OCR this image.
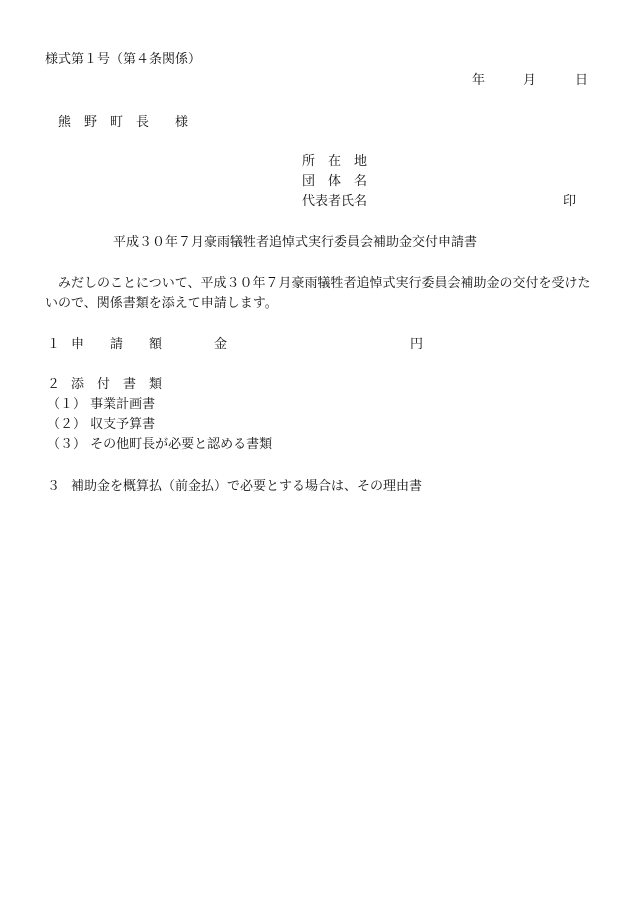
様式第１号（第４条関係）
年	月	日
熊　野　町　長　　様
所　在　地
団　体　名
代表者氏名	印
平成３０年７月豪雨犠牲者追悼式実行委員会補助金交付申請書
みだしのことについて、平成３０年７月豪雨犠牲者追悼式実行委員会補助金の交付を受けた
いので、関係書類を添えて申請します。
１ 申　　請　　額　　　　金	円
２ 添　付　書　類
（１） 事業計画書
（２） 収支予算書
（３） その他町長が必要と認める書類
３ 補助金を概算払（前金払）で必要とする場合は、その理由書
